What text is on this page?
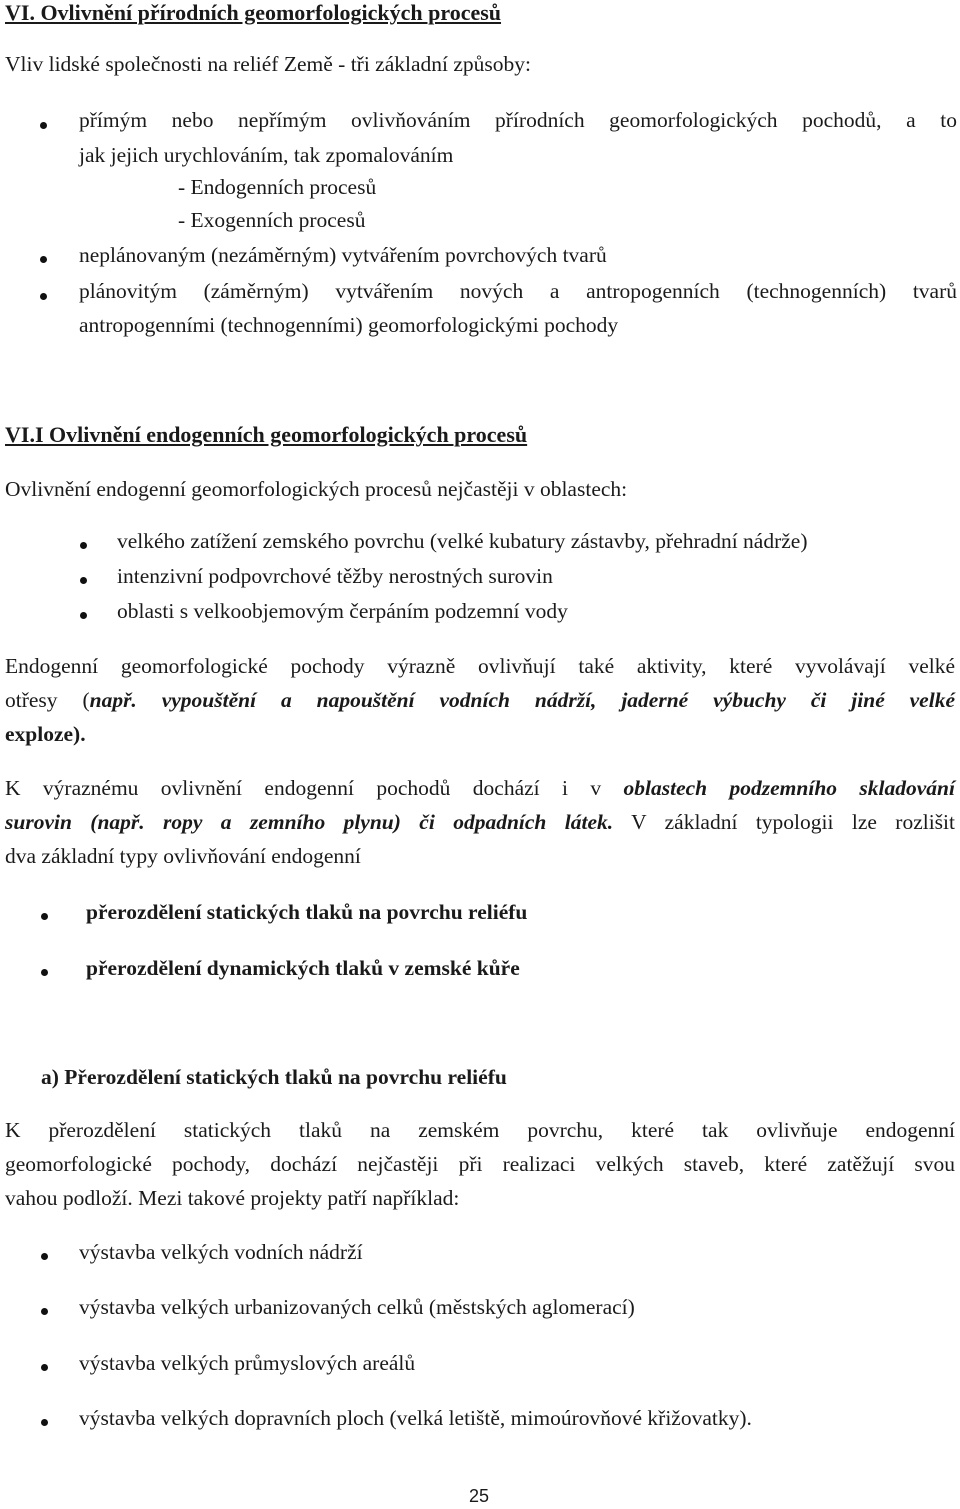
VI. Ovlivnění přírodních geomorfologických procesů
Vliv lidské společnosti na reliéf Země - tři základní způsoby:
přímým nebo nepřímým ovlivňováním přírodních geomorfologických pochodů, a to
jak jejich urychlováním, tak zpomalováním
- Endogenních procesů
- Exogenních procesů
neplánovaným (nezáměrným) vytvářením povrchových tvarů
plánovitým (záměrným) vytvářením nových a antropogenních (technogenních) tvarů
antropogenními (technogenními) geomorfologickými pochody
VI.I Ovlivnění endogenních geomorfologických procesů
Ovlivnění endogenní geomorfologických procesů nejčastěji v oblastech:
velkého zatížení zemského povrchu (velké kubatury zástavby, přehradní nádrže)
intenzivní podpovrchové těžby nerostných surovin
oblasti s velkoobjemovým čerpáním podzemní vody
Endogenní geomorfologické pochody výrazně ovlivňují také aktivity, které vyvolávají velké
otřesy (např. vypouštění a napouštění vodních nádrží, jaderné výbuchy či jiné velké
exploze).
K výraznému ovlivnění endogenní pochodů dochází i v oblastech podzemního skladování
surovin (např. ropy a zemního plynu) či odpadních látek. V základní typologii lze rozlišit
dva základní typy ovlivňování endogenní
přerozdělení statických tlaků na povrchu reliéfu
přerozdělení dynamických tlaků v zemské kůře
a) Přerozdělení statických tlaků na povrchu reliéfu
K přerozdělení statických tlaků na zemském povrchu, které tak ovlivňuje endogenní
geomorfologické pochody, dochází nejčastěji při realizaci velkých staveb, které zatěžují svou
vahou podloží. Mezi takové projekty patří například:
výstavba velkých vodních nádrží
výstavba velkých urbanizovaných celků (městských aglomerací)
výstavba velkých průmyslových areálů
výstavba velkých dopravních ploch (velká letiště, mimoúrovňové křižovatky).
25
